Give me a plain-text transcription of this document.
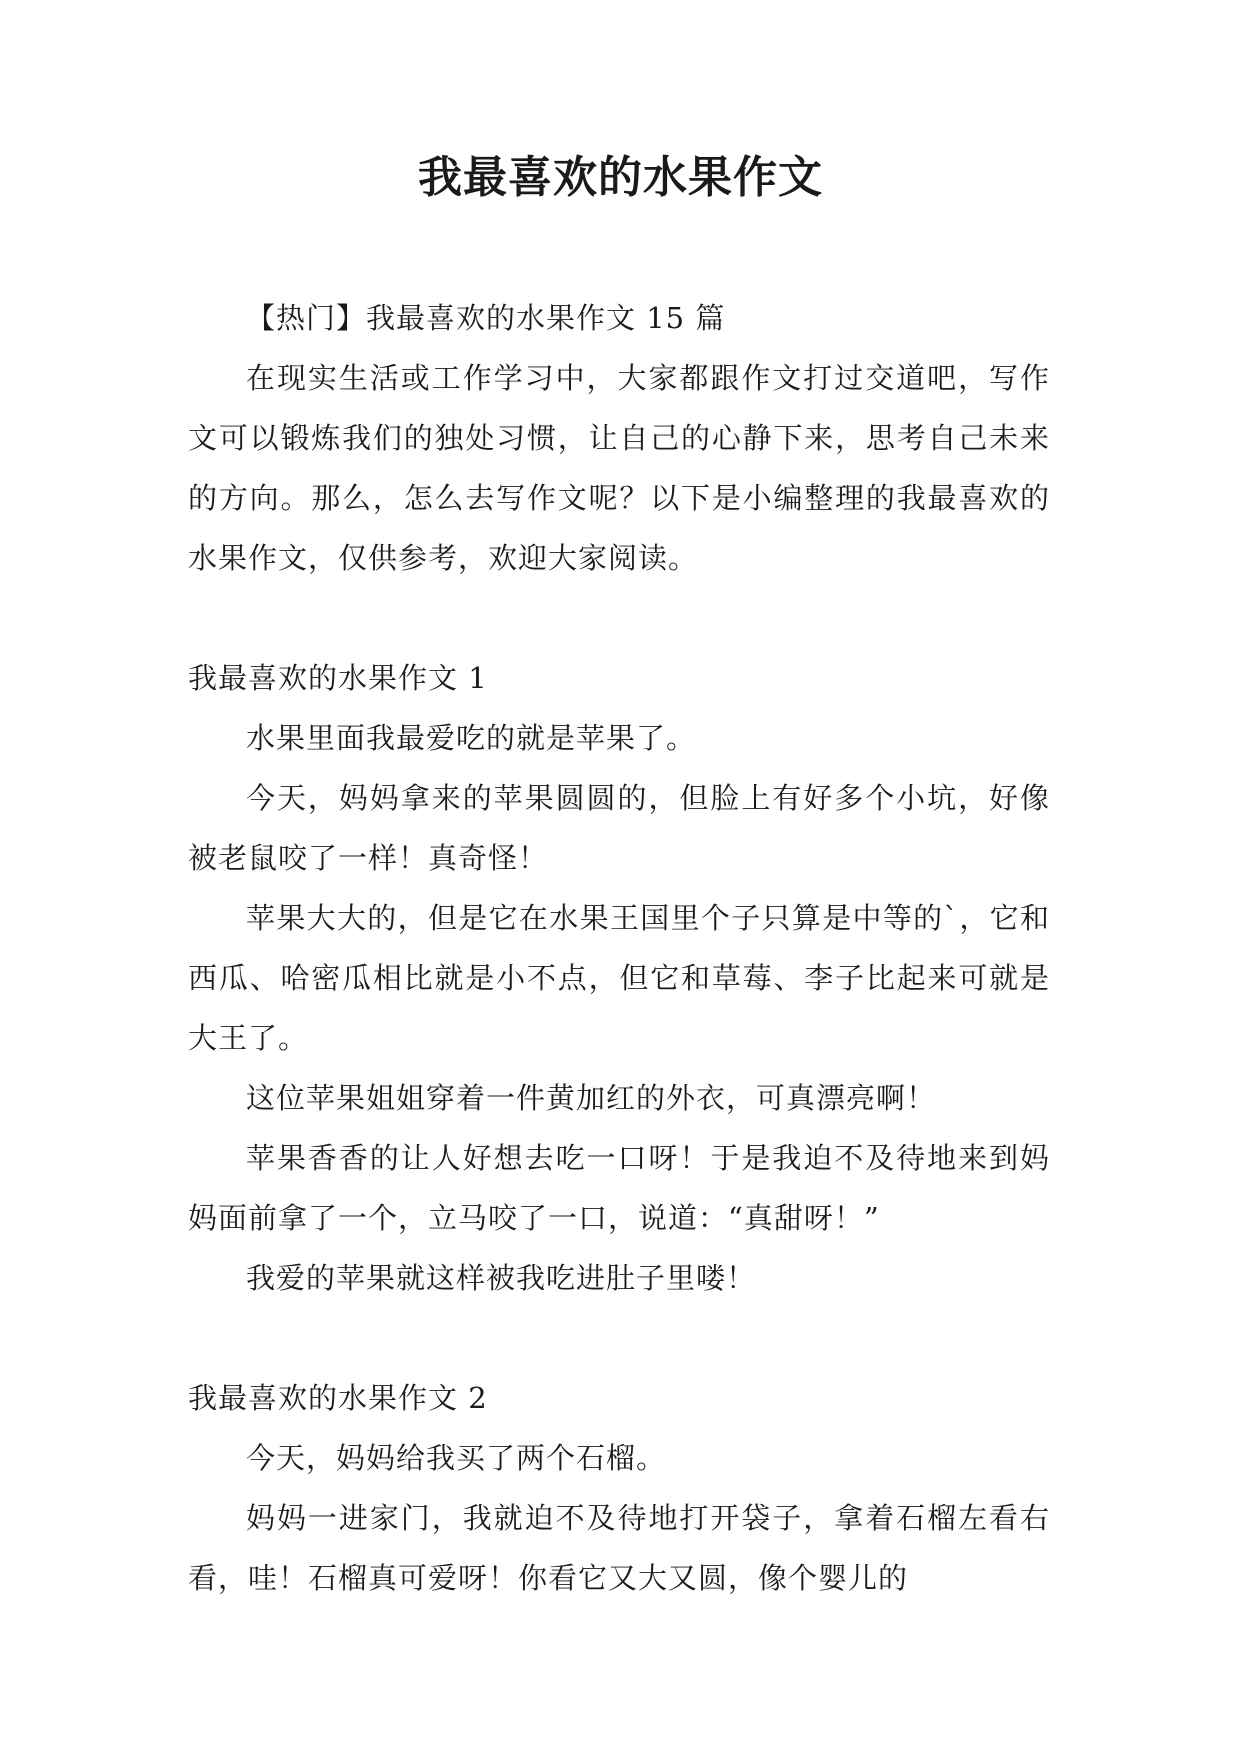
我最喜欢的水果作文

【热门】我最喜欢的水果作文 15 篇

在现实生活或工作学习中，大家都跟作文打过交道吧，写作文可以锻炼我们的独处习惯，让自己的心静下来，思考自己未来的方向。那么，怎么去写作文呢？以下是小编整理的我最喜欢的水果作文，仅供参考，欢迎大家阅读。

我最喜欢的水果作文 1

水果里面我最爱吃的就是苹果了。

今天，妈妈拿来的苹果圆圆的，但脸上有好多个小坑，好像被老鼠咬了一样！真奇怪！

苹果大大的，但是它在水果王国里个子只算是中等的`，它和西瓜、哈密瓜相比就是小不点，但它和草莓、李子比起来可就是大王了。

这位苹果姐姐穿着一件黄加红的外衣，可真漂亮啊！

苹果香香的让人好想去吃一口呀！于是我迫不及待地来到妈妈面前拿了一个，立马咬了一口，说道：“真甜呀！”

我爱的苹果就这样被我吃进肚子里喽！

我最喜欢的水果作文 2

今天，妈妈给我买了两个石榴。

妈妈一进家门，我就迫不及待地打开袋子，拿着石榴左看右看，哇！石榴真可爱呀！你看它又大又圆，像个婴儿的
